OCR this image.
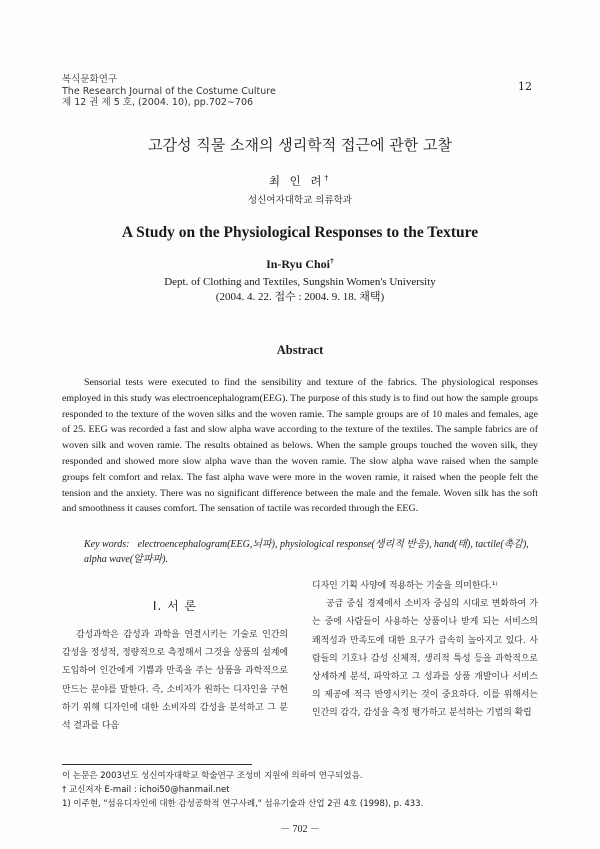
복식문화연구
The Research Journal of the Costume Culture
제 12 권 제 5 호, (2004. 10), pp.702∼706
12
고감성 직물 소재의 생리학적 접근에 관한 고찰
최 인 려†
성신여자대학교 의류학과
A Study on the Physiological Responses to the Texture
In-Ryu Choi†
Dept. of Clothing and Textiles, Sungshin Women's University
(2004. 4. 22. 접수 : 2004. 9. 18. 채택)
Abstract

Sensorial tests were executed to find the sensibility and texture of the fabrics. The physiological responses employed in this study was electroencephalogram(EEG). The purpose of this study is to find out how the sample groups responded to the texture of the woven silks and the woven ramie. The sample groups are of 10 males and females, age of 25. EEG was recorded a fast and slow alpha wave according to the texture of the textiles. The sample fabrics are of woven silk and woven ramie. The results obtained as belows. When the sample groups touched the woven silk, they responded and showed more slow alpha wave than the woven ramie. The slow alpha wave raised when the sample groups felt comfort and relax. The fast alpha wave were more in the woven ramie, it raised when the people felt the tension and the anxiety. There was no significant difference between the male and the female. Woven silk has the soft and smoothness it causes comfort. The sensation of tactile was recorded through the EEG.

Key words: electroencephalogram(EEG,뇌파), physiological response(생리적 반응), hand(태), tactile(촉감), alpha wave(알파파).
Ⅰ. 서 론

감성과학은 감성과 과학을 연결시키는 기술로 인간의 감성을 정성적, 정량적으로 측정해서 그것을 상품의 설계에 도입하여 인간에게 기쁨과 만족을 주는 상품을 과학적으로 만드는 분야를 말한다. 즉, 소비자가 원하는 디자인을 구현하기 위해 디자인에 대한 소비자의 감성을 분석하고 그 분석 결과를 다음

디자인 기획 사양에 적용하는 기술을 의미한다.¹⁾

공급 중심 경제에서 소비자 중심의 시대로 변화하여 가는 중에 사람들이 사용하는 상품이나 받게 되는 서비스의 쾌적성과 만족도에 대한 요구가 급속히 높아지고 있다. 사람들의 기호나 감성 신체적, 생리적 특성 등을 과학적으로 상세하게 분석, 파악하고 그 성과를 상품 개발이나 서비스의 제공에 적극 반영시키는 것이 중요하다. 이를 위해서는 인간의 감각, 감성을 측정 평가하고 분석하는 기법의 확립

이 논문은 2003년도 성신여자대학교 학술연구 조성비 지원에 의하여 연구되었음.
† 교신저자 E-mail : ichoi50@hanmail.net
1) 이주현, "섬유디자인에 대한 감성공학적 연구사례," 섬유기술과 산업 2권 4호 (1998), p. 433.
－ 702 －
